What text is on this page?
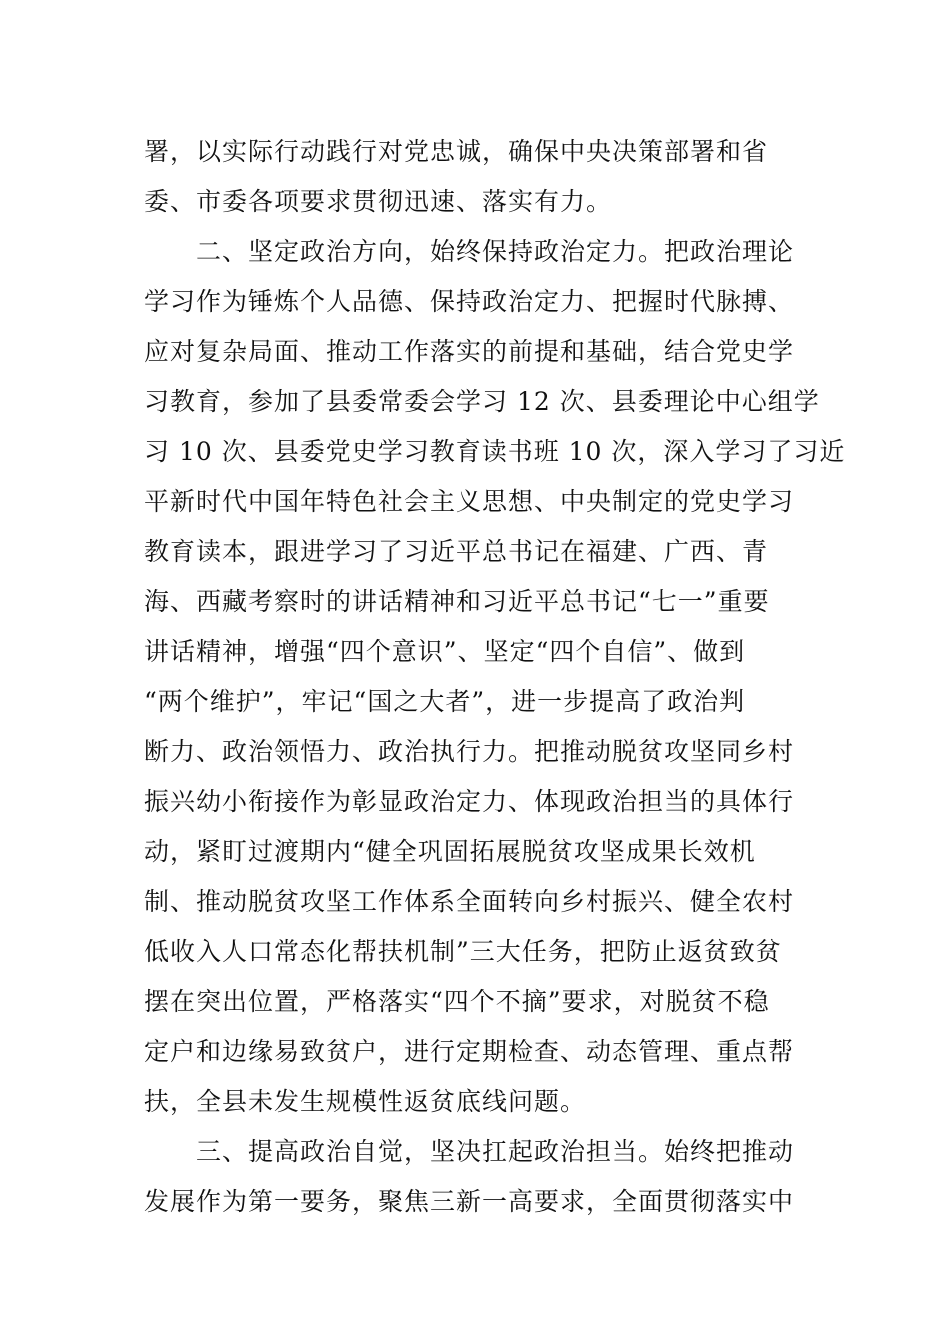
署，以实际行动践行对党忠诚，确保中央决策部署和省
委、市委各项要求贯彻迅速、落实有力。
二、坚定政治方向，始终保持政治定力。把政治理论
学习作为锤炼个人品德、保持政治定力、把握时代脉搏、
应对复杂局面、推动工作落实的前提和基础，结合党史学
习教育，参加了县委常委会学习 12 次、县委理论中心组学
习 10 次、县委党史学习教育读书班 10 次，深入学习了习近
平新时代中国年特色社会主义思想、中央制定的党史学习
教育读本，跟进学习了习近平总书记在福建、广西、青
海、西藏考察时的讲话精神和习近平总书记“七一”重要
讲话精神，增强“四个意识”、坚定“四个自信”、做到
“两个维护”，牢记“国之大者”，进一步提高了政治判
断力、政治领悟力、政治执行力。把推动脱贫攻坚同乡村
振兴幼小衔接作为彰显政治定力、体现政治担当的具体行
动，紧盯过渡期内“健全巩固拓展脱贫攻坚成果长效机
制、推动脱贫攻坚工作体系全面转向乡村振兴、健全农村
低收入人口常态化帮扶机制”三大任务，把防止返贫致贫
摆在突出位置，严格落实“四个不摘”要求，对脱贫不稳
定户和边缘易致贫户，进行定期检查、动态管理、重点帮
扶，全县未发生规模性返贫底线问题。
三、提高政治自觉，坚决扛起政治担当。始终把推动
发展作为第一要务，聚焦三新一高要求，全面贯彻落实中
